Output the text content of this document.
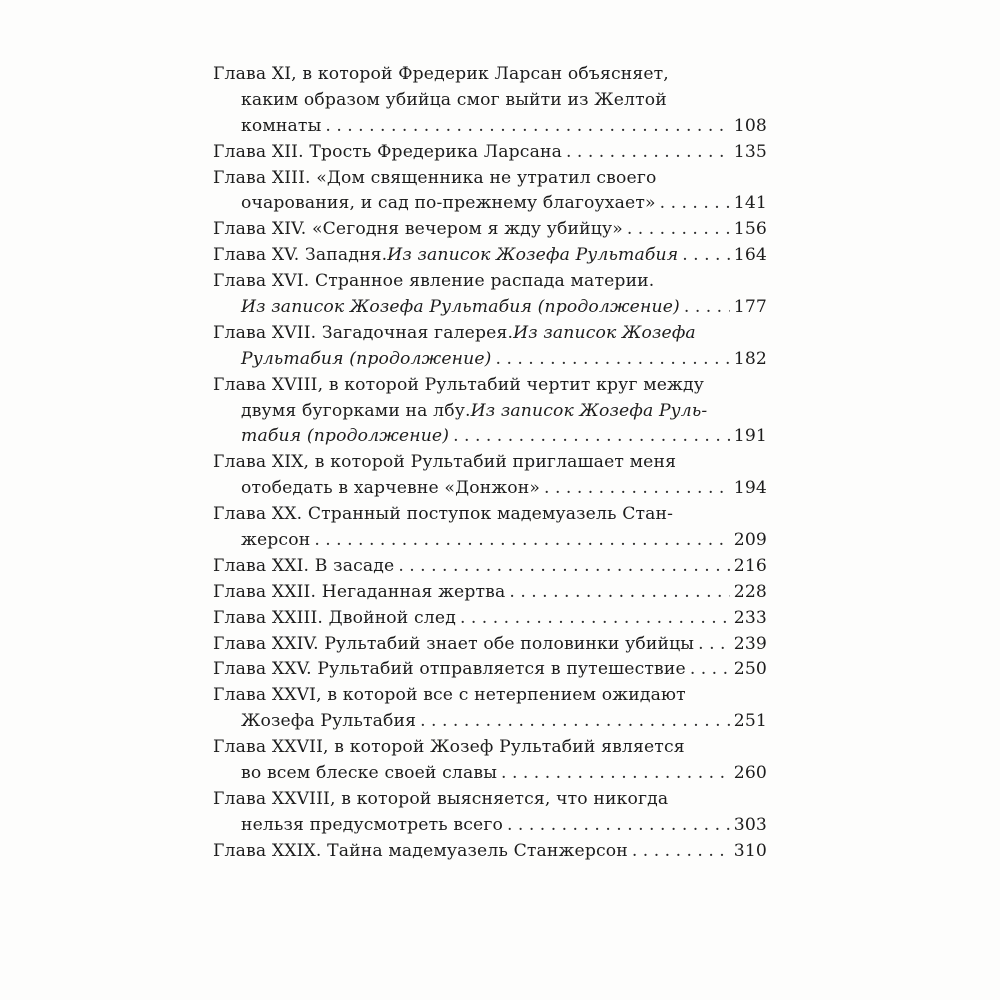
Глава XI, в которой Фредерик Ларсан объясняет,
каким образом убийца смог выйти из Желтой
комнаты . . .	108
Глава XII. Трость Фредерика Ларсана . . .	135
Глава XIII. «Дом священника не утратил своего
очарования, и сад по-прежнему благоухает» . . .	141
Глава XIV. «Сегодня вечером я жду убийцу» . . .	156
Глава XV. Западня. Из записок Жозефа Рультабия . . .	164
Глава XVI. Странное явление распада материи.
Из записок Жозефа Рультабия (продолжение) . . .	177
Глава XVII. Загадочная галерея. Из записок Жозефа
Рультабия (продолжение) . . .	182
Глава XVIII, в которой Рультабий чертит круг между
двумя бугорками на лбу. Из записок Жозефа Руль-
табия (продолжение) . . .	191
Глава XIX, в которой Рультабий приглашает меня
отобедать в харчевне «Донжон» . . .	194
Глава XX. Странный поступок мадемуазель Стан-
жерсон . . .	209
Глава XXI. В засаде . . .	216
Глава XXII. Негаданная жертва . . .	228
Глава XXIII. Двойной след . . .	233
Глава XXIV. Рультабий знает обе половинки убийцы . . . 239
Глава XXV. Рультабий отправляется в путешествие . . .	250
Глава XXVI, в которой все с нетерпением ожидают
Жозефа Рультабия . . .	251
Глава XXVII, в которой Жозеф Рультабий является
во всем блеске своей славы . . .	260
Глава XXVIII, в которой выясняется, что никогда
нельзя предусмотреть всего . . .	303
Глава XXIX. Тайна мадемуазель Станжерсон . . .	310
